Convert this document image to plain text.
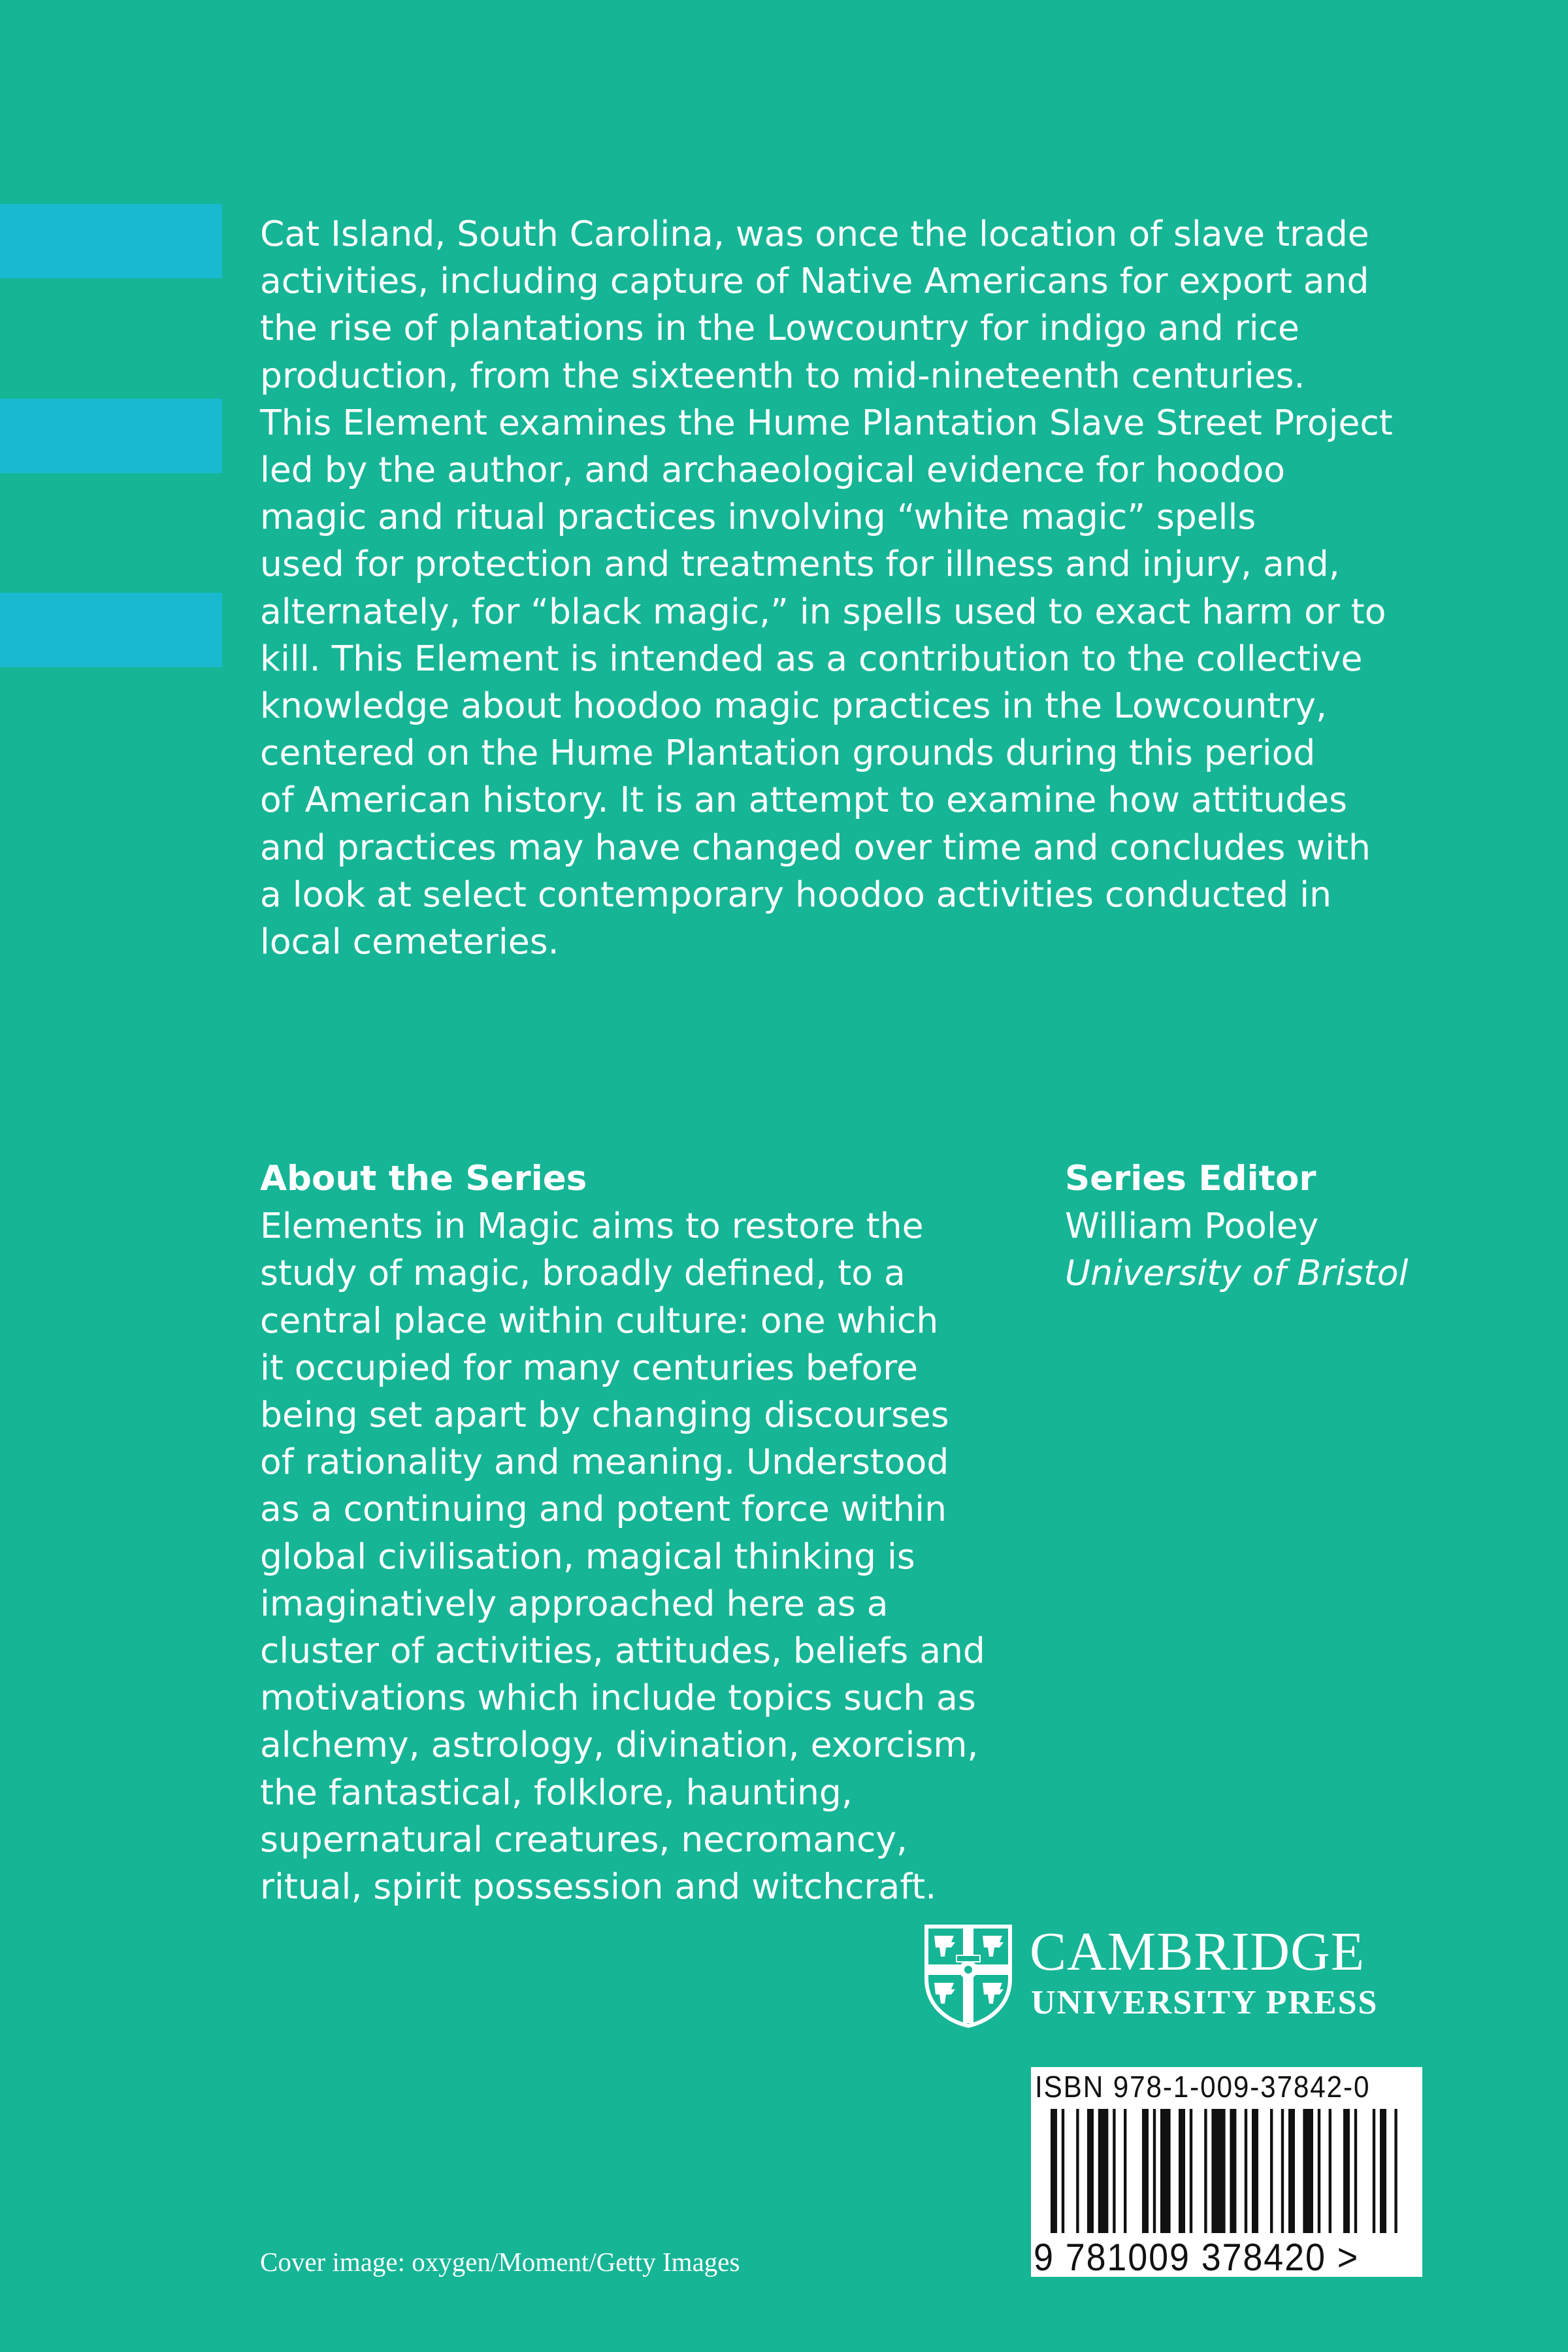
Cat Island, South Carolina, was once the location of slave trade
activities, including capture of Native Americans for export and
the rise of plantations in the Lowcountry for indigo and rice
production, from the sixteenth to mid-nineteenth centuries.
This Element examines the Hume Plantation Slave Street Project
led by the author, and archaeological evidence for hoodoo
magic and ritual practices involving “white magic” spells
used for protection and treatments for illness and injury, and,
alternately, for “black magic,” in spells used to exact harm or to
kill. This Element is intended as a contribution to the collective
knowledge about hoodoo magic practices in the Lowcountry,
centered on the Hume Plantation grounds during this period
of American history. It is an attempt to examine how attitudes
and practices may have changed over time and concludes with
a look at select contemporary hoodoo activities conducted in
local cemeteries.

About the Series
Elements in Magic aims to restore the
study of magic, broadly defined, to a
central place within culture: one which
it occupied for many centuries before
being set apart by changing discourses
of rationality and meaning. Understood
as a continuing and potent force within
global civilisation, magical thinking is
imaginatively approached here as a
cluster of activities, attitudes, beliefs and
motivations which include topics such as
alchemy, astrology, divination, exorcism,
the fantastical, folklore, haunting,
supernatural creatures, necromancy,
ritual, spirit possession and witchcraft.
Series Editor
William Pooley
University of Bristol
CAMBRIDGE
UNIVERSITY PRESS
ISBN 978-1-009-37842-0
9 781009 378420 >
Cover image: oxygen/Moment/Getty Images
